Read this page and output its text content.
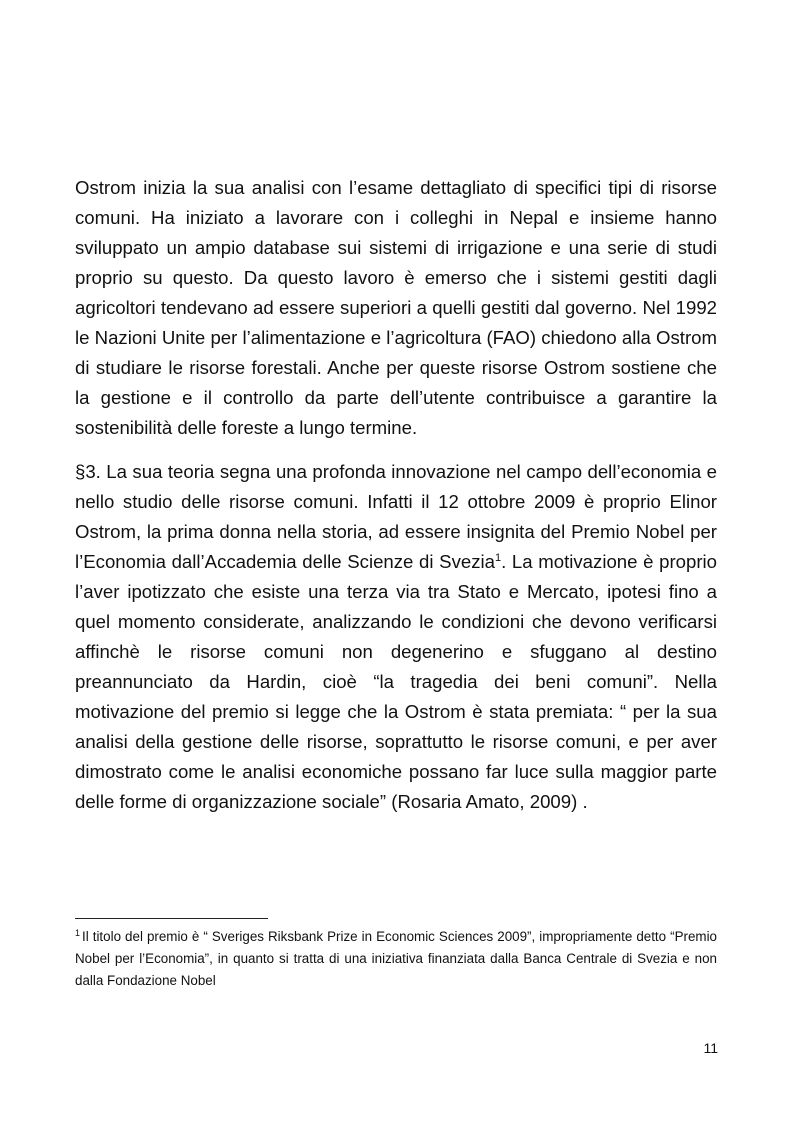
Ostrom inizia la sua analisi con l’esame dettagliato di specifici tipi di risorse comuni. Ha iniziato a lavorare con i colleghi in Nepal e insieme hanno sviluppato un ampio database sui sistemi di irrigazione e una serie di studi proprio su questo. Da questo lavoro è emerso che i sistemi gestiti dagli agricoltori tendevano ad essere superiori a quelli gestiti dal governo. Nel 1992 le Nazioni Unite per l’alimentazione e l’agricoltura (FAO) chiedono alla Ostrom di studiare le risorse forestali. Anche per queste risorse Ostrom sostiene che la gestione e il controllo da parte dell’utente contribuisce a garantire la sostenibilità delle foreste a lungo termine.

§3. La sua teoria segna una profonda innovazione nel campo dell’economia e nello studio delle risorse comuni. Infatti il 12 ottobre 2009 è proprio Elinor Ostrom, la prima donna nella storia, ad essere insignita del Premio Nobel per l’Economia dall’Accademia delle Scienze di Svezia$^1$. La motivazione è proprio l’aver ipotizzato che esiste una terza via tra Stato e Mercato, ipotesi fino a quel momento considerate, analizzando le condizioni che devono verificarsi affinchè le risorse comuni non degenerino e sfuggano al destino preannunciato da Hardin, cioè “la tragedia dei beni comuni”. Nella motivazione del premio si legge che la Ostrom è stata premiata: “ per la sua analisi della gestione delle risorse, soprattutto le risorse comuni, e per aver dimostrato come le analisi economiche possano far luce sulla maggior parte delle forme di organizzazione sociale” (Rosaria Amato, 2009) .

$^1$ Il titolo del premio è “ Sveriges Riksbank Prize in Economic Sciences 2009”, impropriamente detto “Premio Nobel per l’Economia”, in quanto si tratta di una iniziativa finanziata dalla Banca Centrale di Svezia e non dalla Fondazione Nobel

11
